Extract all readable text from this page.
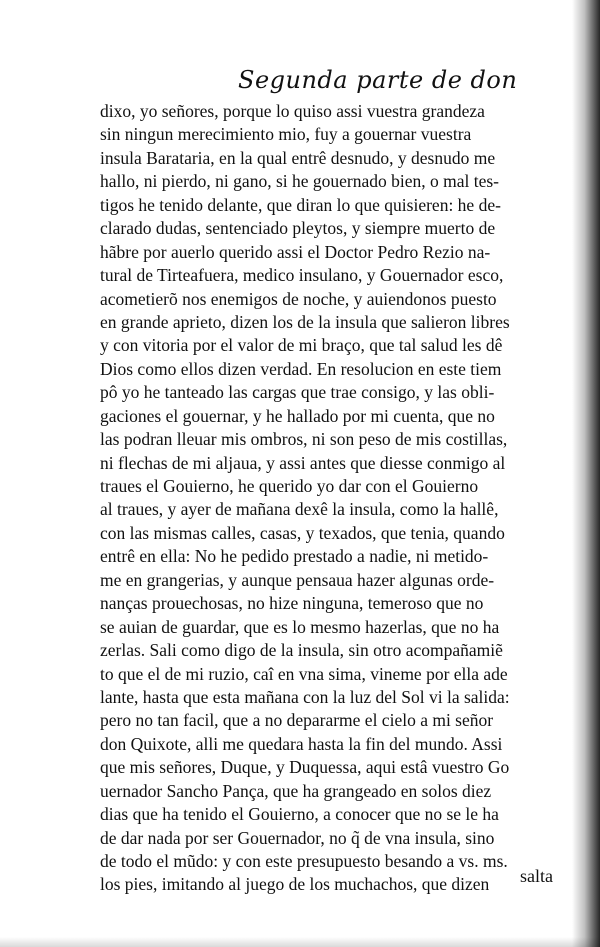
Segunda parte de don
dixo, yo señores, porque lo quiso assi vuestra grandeza
sin ningun merecimiento mio, fuy a gouernar vuestra
insula Barataria, en la qual entrê desnudo, y desnudo me
hallo, ni pierdo, ni gano, si he gouernado bien, o mal tes-
tigos he tenido delante, que diran lo que quisieren: he de-
clarado dudas, sentenciado pleytos, y siempre muerto de
hãbre por auerlo querido assi el Doctor Pedro Rezio na-
tural de Tirteafuera, medico insulano, y Gouernador esco,
acometierõ nos enemigos de noche, y auiendonos puesto
en grande aprieto, dizen los de la insula que salieron libres
y con vitoria por el valor de mi braço, que tal salud les dê
Dios como ellos dizen verdad. En resolucion en este tiem
pô yo he tanteado las cargas que trae consigo, y las obli-
gaciones el gouernar, y he hallado por mi cuenta, que no
las podran lleuar mis ombros, ni son peso de mis costillas,
ni flechas de mi aljaua, y assi antes que diesse conmigo al
traues el Gouierno, he querido yo dar con el Gouierno
al traues, y ayer de mañana dexê la insula, como la hallê,
con las mismas calles, casas, y texados, que tenia, quando
entrê en ella: No he pedido prestado a nadie, ni metido-
me en grangerias, y aunque pensaua hazer algunas orde-
nanças prouechosas, no hize ninguna, temeroso que no
se auian de guardar, que es lo mesmo hazerlas, que no ha
zerlas. Sali como digo de la insula, sin otro acompañamiẽ
to que el de mi ruzio, caî en vna sima, vineme por ella ade
lante, hasta que esta mañana con la luz del Sol vi la salida:
pero no tan facil, que a no depararme el cielo a mi señor
don Quixote, alli me quedara hasta la fin del mundo. Assi
que mis señores, Duque, y Duquessa, aqui estâ vuestro Go
uernador Sancho Pança, que ha grangeado en solos diez
dias que ha tenido el Gouierno, a conocer que no se le ha
de dar nada por ser Gouernador, no q̃ de vna insula, sino
de todo el mũdo: y con este presupuesto besando a vs. ms.
los pies, imitando al juego de los muchachos, que dizen	salta
